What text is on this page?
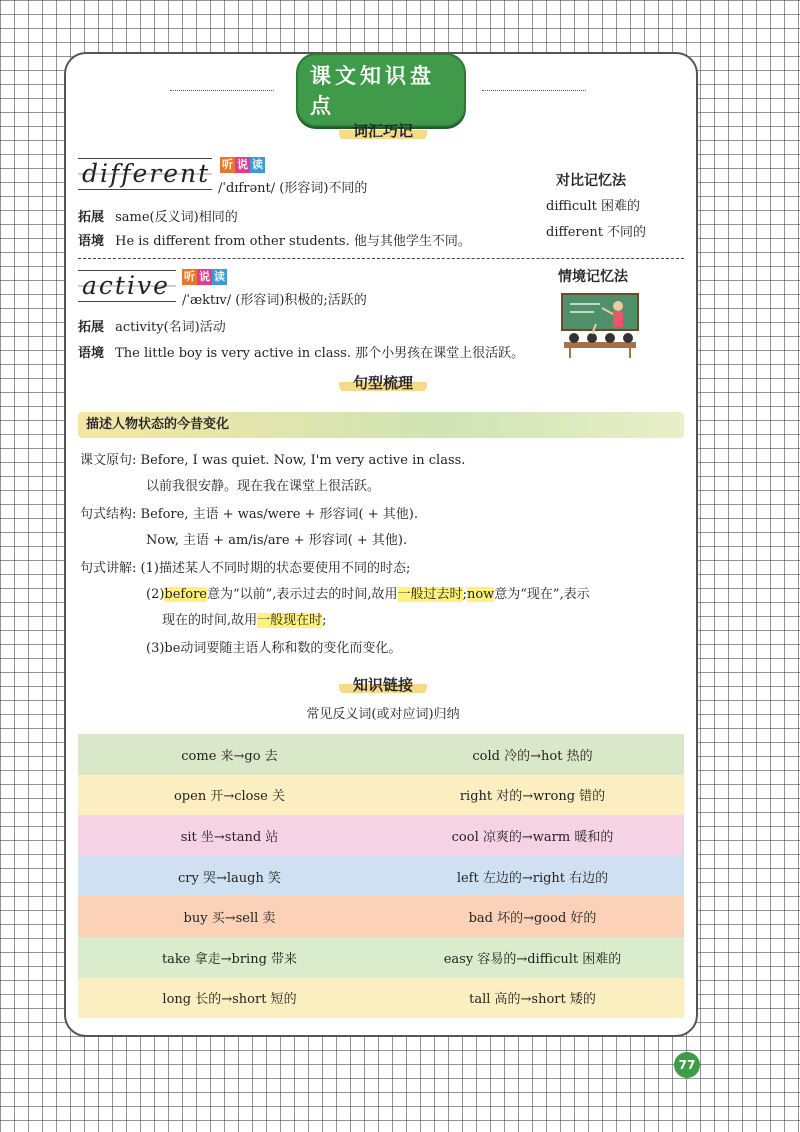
课文知识盘点
词汇巧记
different 听 说 读
/ˈdɪfrənt/ (形容词)不同的
拓展 same(反义词)相同的
语境 He is different from other students. 他与其他学生不同。
对比记忆法
difficult 困难的
different 不同的
active	听 说 读
/ˈæktɪv/ (形容词)积极的;活跃的
拓展 activity(名词)活动
语境 The little boy is very active in class. 那个小男孩在课堂上很活跃。
情境记忆法
句型梳理
描述人物状态的今昔变化
课文原句: Before, I was quiet. Now, I'm very active in class.
以前我很安静。现在我在课堂上很活跃。
句式结构: Before, 主语 + was/were + 形容词( + 其他).
Now, 主语 + am/is/are + 形容词( + 其他).
句式讲解: (1)描述某人不同时期的状态要使用不同的时态;
(2)before意为“以前”,表示过去的时间,故用一般过去时;now意为“现在”,表示
现在的时间,故用一般现在时;
(3)be动词要随主语人称和数的变化而变化。
知识链接
常见反义词(或对应词)归纳
come 来→go 去	cold 冷的→hot 热的
open 开→close 关	right 对的→wrong 错的
sit 坐→stand 站	cool 凉爽的→warm 暖和的
cry 哭→laugh 笑	left 左边的→right 右边的
buy 买→sell 卖	bad 坏的→good 好的
take 拿走→bring 带来	easy 容易的→difficult 困难的
long 长的→short 短的	tall 高的→short 矮的
77
